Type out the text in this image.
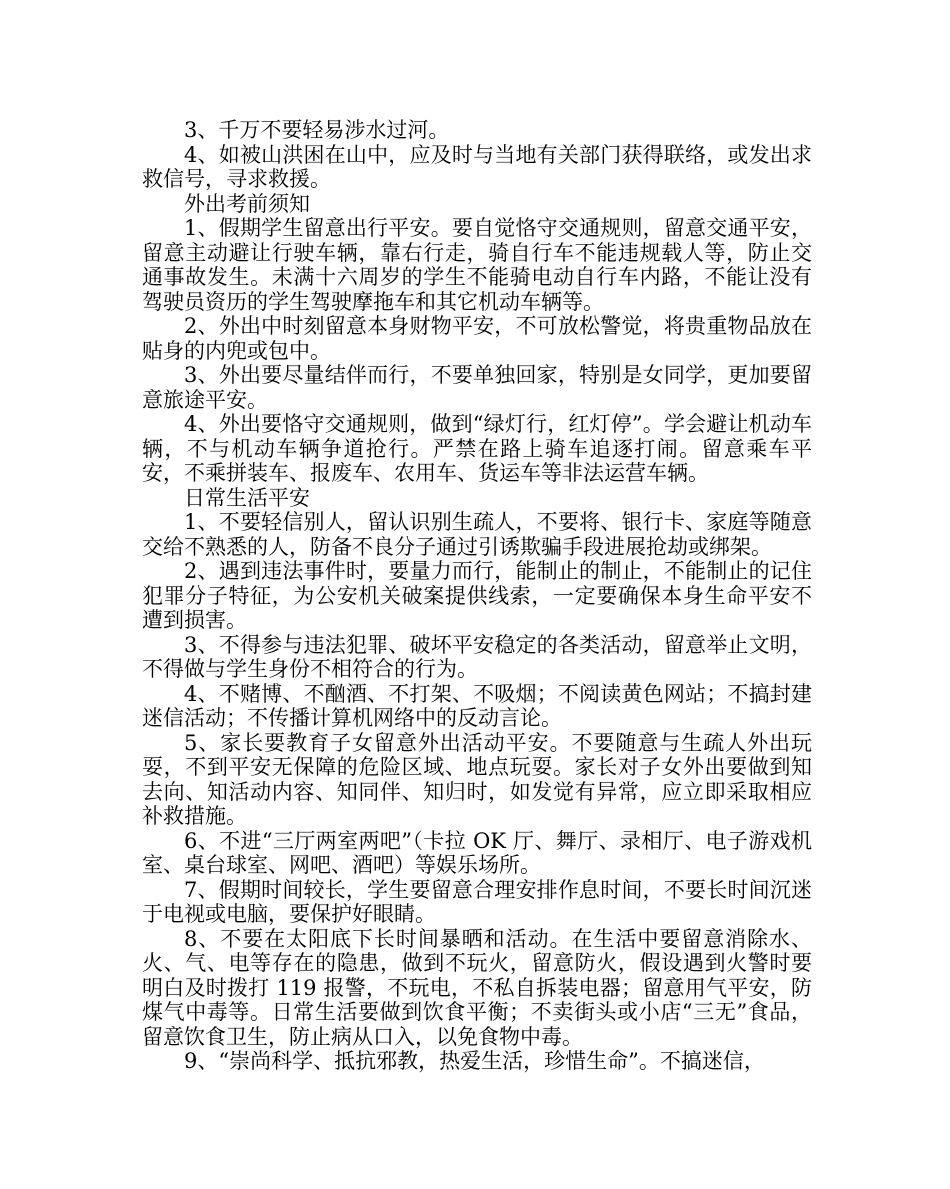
3、千万不要轻易涉水过河。

4、如被山洪困在山中，应及时与当地有关部门获得联络，或发出求救信号，寻求救援。

外出考前须知

1、假期学生留意出行平安。要自觉恪守交通规则，留意交通平安，留意主动避让行驶车辆，靠右行走，骑自行车不能违规载人等，防止交通事故发生。未满十六周岁的学生不能骑电动自行车内路，不能让没有驾驶员资历的学生驾驶摩拖车和其它机动车辆等。

2、外出中时刻留意本身财物平安，不可放松警觉，将贵重物品放在贴身的内兜或包中。

3、外出要尽量结伴而行，不要单独回家，特别是女同学，更加要留意旅途平安。

4、外出要恪守交通规则，做到“绿灯行，红灯停”。学会避让机动车辆，不与机动车辆争道抢行。严禁在路上骑车追逐打闹。留意乘车平安，不乘拼装车、报废车、农用车、货运车等非法运营车辆。

日常生活平安

1、不要轻信别人，留认识别生疏人，不要将、银行卡、家庭等随意交给不熟悉的人，防备不良分子通过引诱欺骗手段进展抢劫或绑架。

2、遇到违法事件时，要量力而行，能制止的制止，不能制止的记住犯罪分子特征，为公安机关破案提供线索，一定要确保本身生命平安不遭到损害。

3、不得参与违法犯罪、破坏平安稳定的各类活动，留意举止文明，不得做与学生身份不相符合的行为。

4、不赌博、不酗酒、不打架、不吸烟；不阅读黄色网站；不搞封建迷信活动；不传播计算机网络中的反动言论。

5、家长要教育子女留意外出活动平安。不要随意与生疏人外出玩耍，不到平安无保障的危险区域、地点玩耍。家长对子女外出要做到知去向、知活动内容、知同伴、知归时，如发觉有异常，应立即采取相应补救措施。

6、不进“三厅两室两吧”（卡拉 OK 厅、舞厅、录相厅、电子游戏机室、桌台球室、网吧、酒吧）等娱乐场所。

7、假期时间较长，学生要留意合理安排作息时间，不要长时间沉迷于电视或电脑，要保护好眼睛。

8、不要在太阳底下长时间暴晒和活动。在生活中要留意消除水、火、气、电等存在的隐患，做到不玩火，留意防火，假设遇到火警时要明白及时拨打 119 报警，不玩电，不私自拆装电器；留意用气平安，防煤气中毒等。日常生活要做到饮食平衡；不卖街头或小店“三无”食品，留意饮食卫生，防止病从口入，以免食物中毒。

9、“崇尚科学、抵抗邪教，热爱生活，珍惜生命”。不搞迷信，
